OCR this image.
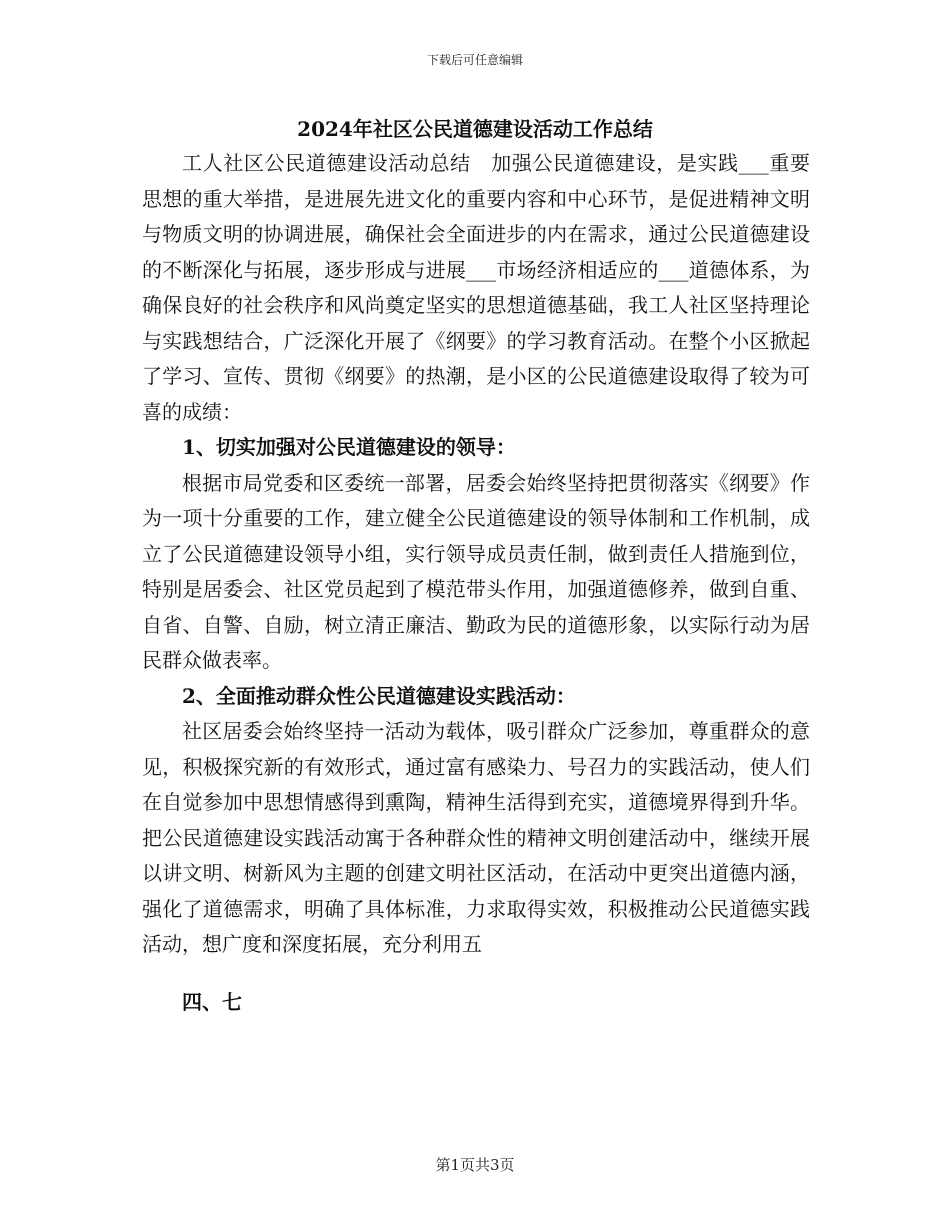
下载后可任意编辑
2024年社区公民道德建设活动工作总结

工人社区公民道德建设活动总结　加强公民道德建设，是实践___重要思想的重大举措，是进展先进文化的重要内容和中心环节，是促进精神文明与物质文明的协调进展，确保社会全面进步的内在需求，通过公民道德建设的不断深化与拓展，逐步形成与进展___市场经济相适应的___道德体系，为确保良好的社会秩序和风尚奠定坚实的思想道德基础，我工人社区坚持理论与实践想结合，广泛深化开展了《纲要》的学习教育活动。在整个小区掀起了学习、宣传、贯彻《纲要》的热潮，是小区的公民道德建设取得了较为可喜的成绩：

1、切实加强对公民道德建设的领导：

根据市局党委和区委统一部署，居委会始终坚持把贯彻落实《纲要》作为一项十分重要的工作，建立健全公民道德建设的领导体制和工作机制，成立了公民道德建设领导小组，实行领导成员责任制，做到责任人措施到位，特别是居委会、社区党员起到了模范带头作用，加强道德修养，做到自重、自省、自警、自励，树立清正廉洁、勤政为民的道德形象，以实际行动为居民群众做表率。

2、全面推动群众性公民道德建设实践活动：

社区居委会始终坚持一活动为载体，吸引群众广泛参加，尊重群众的意见，积极探究新的有效形式，通过富有感染力、号召力的实践活动，使人们在自觉参加中思想情感得到熏陶，精神生活得到充实，道德境界得到升华。把公民道德建设实践活动寓于各种群众性的精神文明创建活动中，继续开展以讲文明、树新风为主题的创建文明社区活动，在活动中更突出道德内涵，强化了道德需求，明确了具体标准，力求取得实效，积极推动公民道德实践活动，想广度和深度拓展，充分利用五

四、七

第1页共3页
